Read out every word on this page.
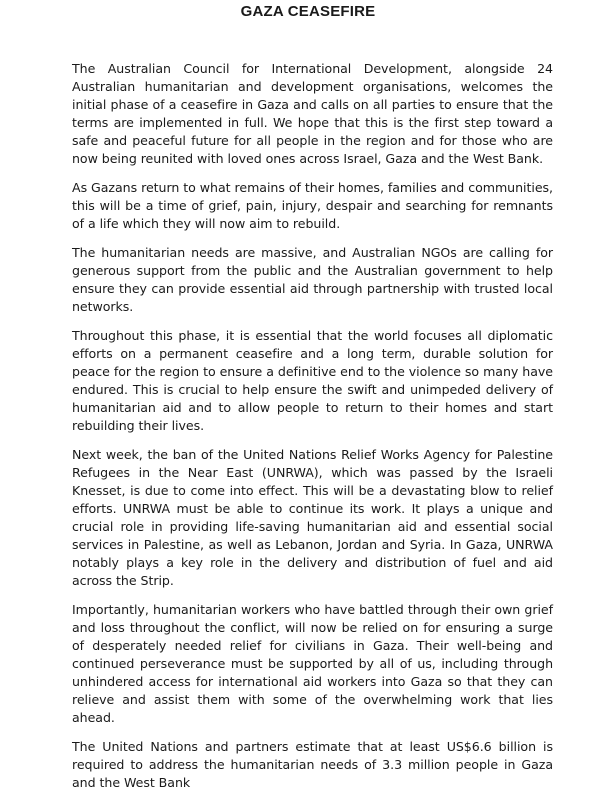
GAZA CEASEFIRE

The Australian Council for International Development, alongside 24 Australian humanitarian and development organisations, welcomes the initial phase of a ceasefire in Gaza and calls on all parties to ensure that the terms are implemented in full. We hope that this is the first step toward a safe and peaceful future for all people in the region and for those who are now being reunited with loved ones across Israel, Gaza and the West Bank.

As Gazans return to what remains of their homes, families and communities, this will be a time of grief, pain, injury, despair and searching for remnants of a life which they will now aim to rebuild.

The humanitarian needs are massive, and Australian NGOs are calling for generous support from the public and the Australian government to help ensure they can provide essential aid through partnership with trusted local networks.

Throughout this phase, it is essential that the world focuses all diplomatic efforts on a permanent ceasefire and a long term, durable solution for peace for the region to ensure a definitive end to the violence so many have endured. This is crucial to help ensure the swift and unimpeded delivery of humanitarian aid and to allow people to return to their homes and start rebuilding their lives.

Next week, the ban of the United Nations Relief Works Agency for Palestine Refugees in the Near East (UNRWA), which was passed by the Israeli Knesset, is due to come into effect. This will be a devastating blow to relief efforts. UNRWA must be able to continue its work. It plays a unique and crucial role in providing life-saving humanitarian aid and essential social services in Palestine, as well as Lebanon, Jordan and Syria. In Gaza, UNRWA notably plays a key role in the delivery and distribution of fuel and aid across the Strip.

Importantly, humanitarian workers who have battled through their own grief and loss throughout the conflict, will now be relied on for ensuring a surge of desperately needed relief for civilians in Gaza. Their well-being and continued perseverance must be supported by all of us, including through unhindered access for international aid workers into Gaza so that they can relieve and assist them with some of the overwhelming work that lies ahead.

The United Nations and partners estimate that at least US$6.6 billion is required to address the humanitarian needs of 3.3 million people in Gaza and the West Bank
